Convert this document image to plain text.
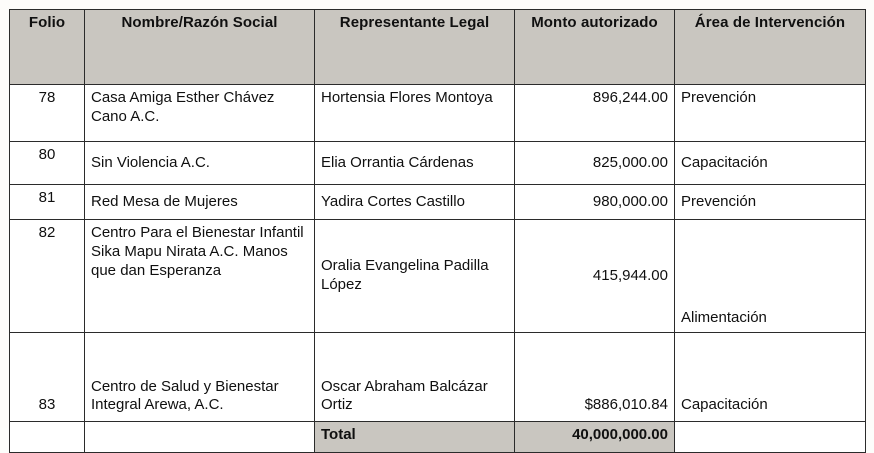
Folio	Nombre/Razón Social	Representante Legal	Monto autorizado	Área de Intervención
78	Casa Amiga Esther Chávez Cano A.C.	Hortensia Flores Montoya	896,244.00	Prevención
80	Sin Violencia A.C.	Elia Orrantia Cárdenas	825,000.00	Capacitación
81	Red Mesa de Mujeres	Yadira Cortes Castillo	980,000.00	Prevención
82	Centro Para el Bienestar Infantil Sika Mapu Nirata A.C. Manos que dan Esperanza	Oralia Evangelina Padilla López	415,944.00	Alimentación
83	Centro de Salud y Bienestar Integral Arewa, A.C.	Oscar Abraham Balcázar Ortiz	$886,010.84	Capacitación
		Total	40,000,000.00	
